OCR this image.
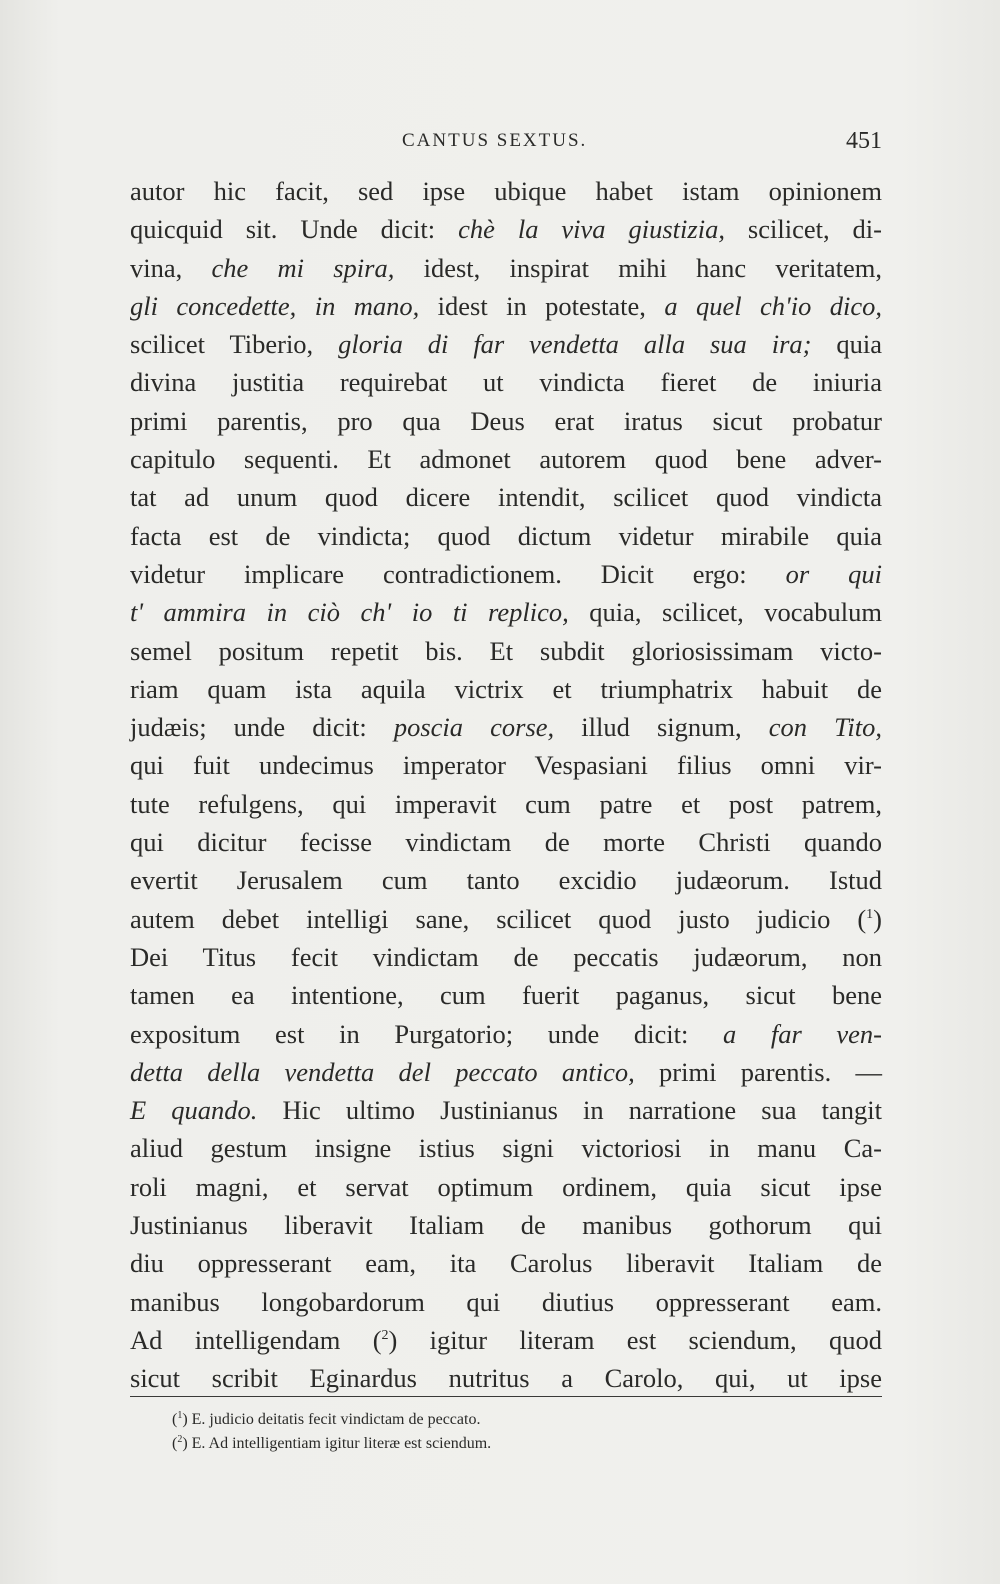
CANTUS SEXTUS.	451
autor hic facit, sed ipse ubique habet istam opinionem
quicquid sit. Unde dicit: chè la viva giustizia, scilicet, di-
vina, che mi spira, idest, inspirat mihi hanc veritatem,
gli concedette, in mano, idest in potestate, a quel ch'io dico,
scilicet Tiberio, gloria di far vendetta alla sua ira; quia
divina justitia requirebat ut vindicta fieret de iniuria
primi parentis, pro qua Deus erat iratus sicut probatur
capitulo sequenti. Et admonet autorem quod bene adver-
tat ad unum quod dicere intendit, scilicet quod vindicta
facta est de vindicta; quod dictum videtur mirabile quia
videtur implicare contradictionem. Dicit ergo: or qui
t' ammira in ciò ch' io ti replico, quia, scilicet, vocabulum
semel positum repetit bis. Et subdit gloriosissimam victo-
riam quam ista aquila victrix et triumphatrix habuit de
judæis; unde dicit: poscia corse, illud signum, con Tito,
qui fuit undecimus imperator Vespasiani filius omni vir-
tute refulgens, qui imperavit cum patre et post patrem,
qui dicitur fecisse vindictam de morte Christi quando
evertit Jerusalem cum tanto excidio judæorum. Istud
autem debet intelligi sane, scilicet quod justo judicio ($^1$)
Dei Titus fecit vindictam de peccatis judæorum, non
tamen ea intentione, cum fuerit paganus, sicut bene
expositum est in Purgatorio; unde dicit: a far ven-
detta della vendetta del peccato antico, primi parentis. —
E quando. Hic ultimo Justinianus in narratione sua tangit
aliud gestum insigne istius signi victoriosi in manu Ca-
roli magni, et servat optimum ordinem, quia sicut ipse
Justinianus liberavit Italiam de manibus gothorum qui
diu oppresserant eam, ita Carolus liberavit Italiam de
manibus longobardorum qui diutius oppresserant eam.
Ad intelligendam ($^2$) igitur literam est sciendum, quod
sicut scribit Eginardus nutritus a Carolo, qui, ut ipse
($^1$) E. judicio deitatis fecit vindictam de peccato.
($^2$) E. Ad intelligentiam igitur literæ est sciendum.
